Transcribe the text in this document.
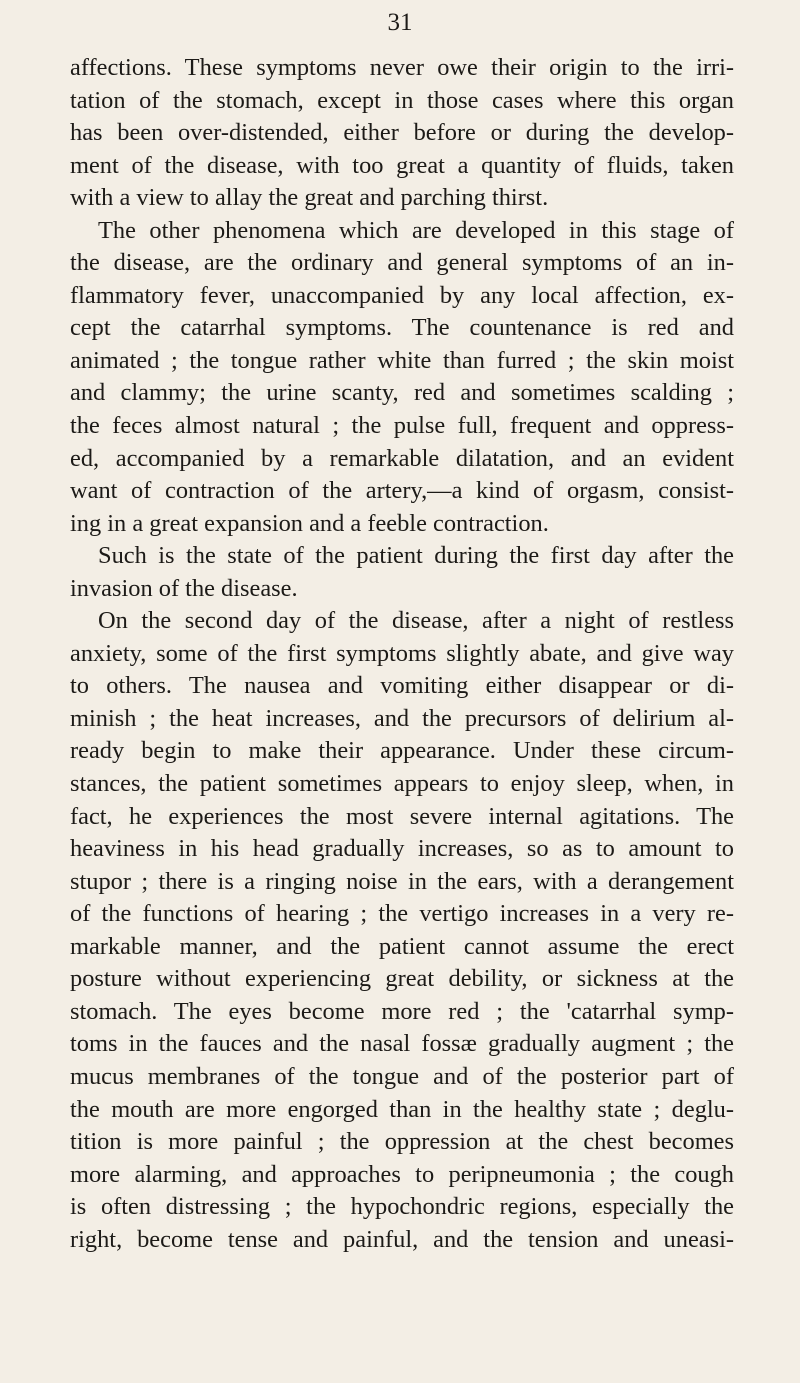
31
affections. These symptoms never owe their origin to the irri-
tation of the stomach, except in those cases where this organ
has been over-distended, either before or during the develop-
ment of the disease, with too great a quantity of fluids, taken
with a view to allay the great and parching thirst.
The other phenomena which are developed in this stage of
the disease, are the ordinary and general symptoms of an in-
flammatory fever, unaccompanied by any local affection, ex-
cept the catarrhal symptoms. The countenance is red and
animated ; the tongue rather white than furred ; the skin moist
and clammy; the urine scanty, red and sometimes scalding ;
the feces almost natural ; the pulse full, frequent and oppress-
ed, accompanied by a remarkable dilatation, and an evident
want of contraction of the artery,—a kind of orgasm, consist-
ing in a great expansion and a feeble contraction.
Such is the state of the patient during the first day after the
invasion of the disease.
On the second day of the disease, after a night of restless
anxiety, some of the first symptoms slightly abate, and give way
to others. The nausea and vomiting either disappear or di-
minish ; the heat increases, and the precursors of delirium al-
ready begin to make their appearance. Under these circum-
stances, the patient sometimes appears to enjoy sleep, when, in
fact, he experiences the most severe internal agitations. The
heaviness in his head gradually increases, so as to amount to
stupor ; there is a ringing noise in the ears, with a derangement
of the functions of hearing ; the vertigo increases in a very re-
markable manner, and the patient cannot assume the erect
posture without experiencing great debility, or sickness at the
stomach. The eyes become more red ; the 'catarrhal symp-
toms in the fauces and the nasal fossæ gradually augment ; the
mucus membranes of the tongue and of the posterior part of
the mouth are more engorged than in the healthy state ; deglu-
tition is more painful ; the oppression at the chest becomes
more alarming, and approaches to peripneumonia ; the cough
is often distressing ; the hypochondric regions, especially the
right, become tense and painful, and the tension and uneasi-
